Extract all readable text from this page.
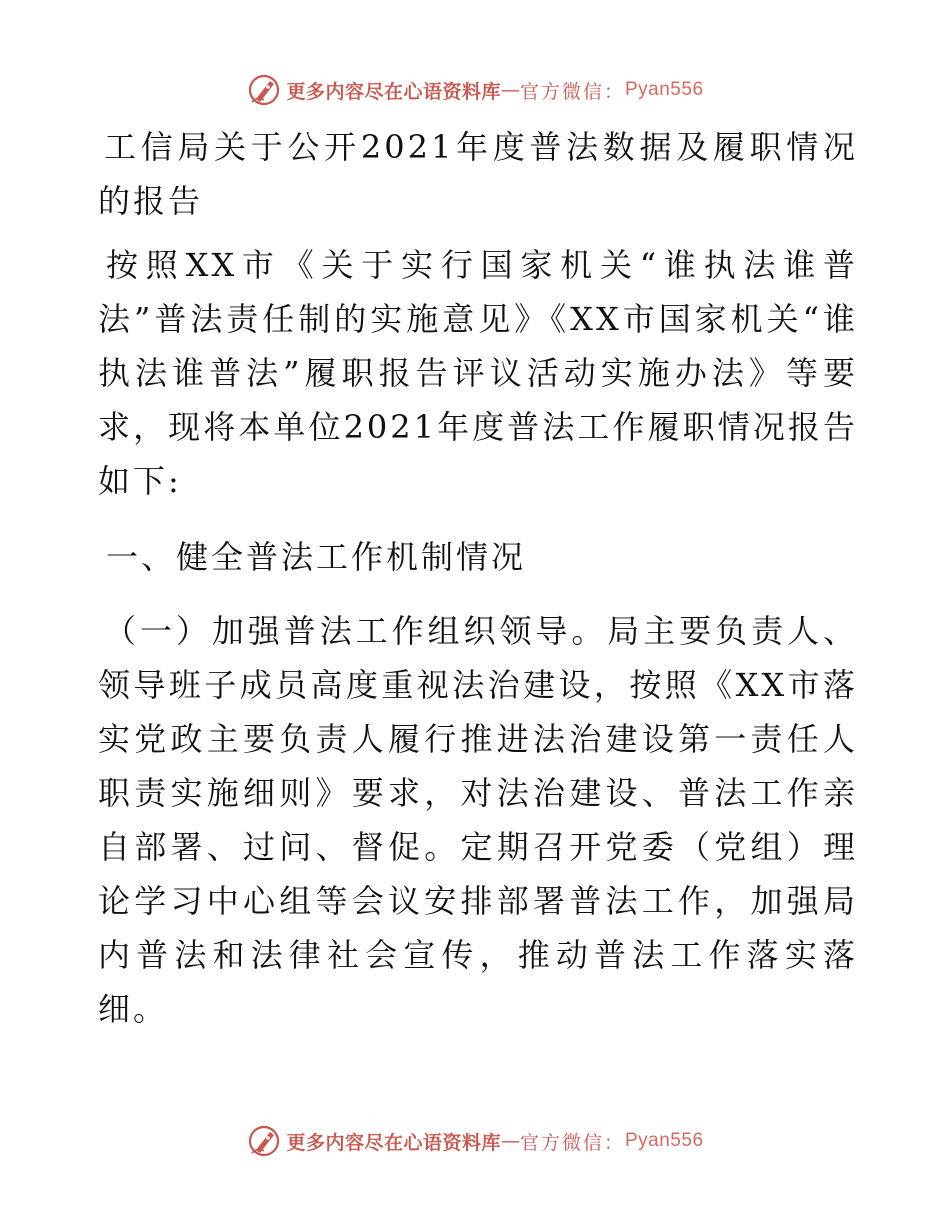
更多内容尽在心语资料库 — 官方微信： Pyan556

工信局关于公开2021年度普法数据及履职情况的报告

按照XX市《关于实行国家机关“谁执法谁普法”普法责任制的实施意见》《XX市国家机关“谁执法谁普法”履职报告评议活动实施办法》等要求，现将本单位2021年度普法工作履职情况报告如下:

一、健全普法工作机制情况

（一）加强普法工作组织领导。局主要负责人、领导班子成员高度重视法治建设，按照《XX市落实党政主要负责人履行推进法治建设第一责任人职责实施细则》要求，对法治建设、普法工作亲自部署、过问、督促。定期召开党委（党组）理论学习中心组等会议安排部署普法工作，加强局内普法和法律社会宣传，推动普法工作落实落细。

更多内容尽在心语资料库 — 官方微信： Pyan556
